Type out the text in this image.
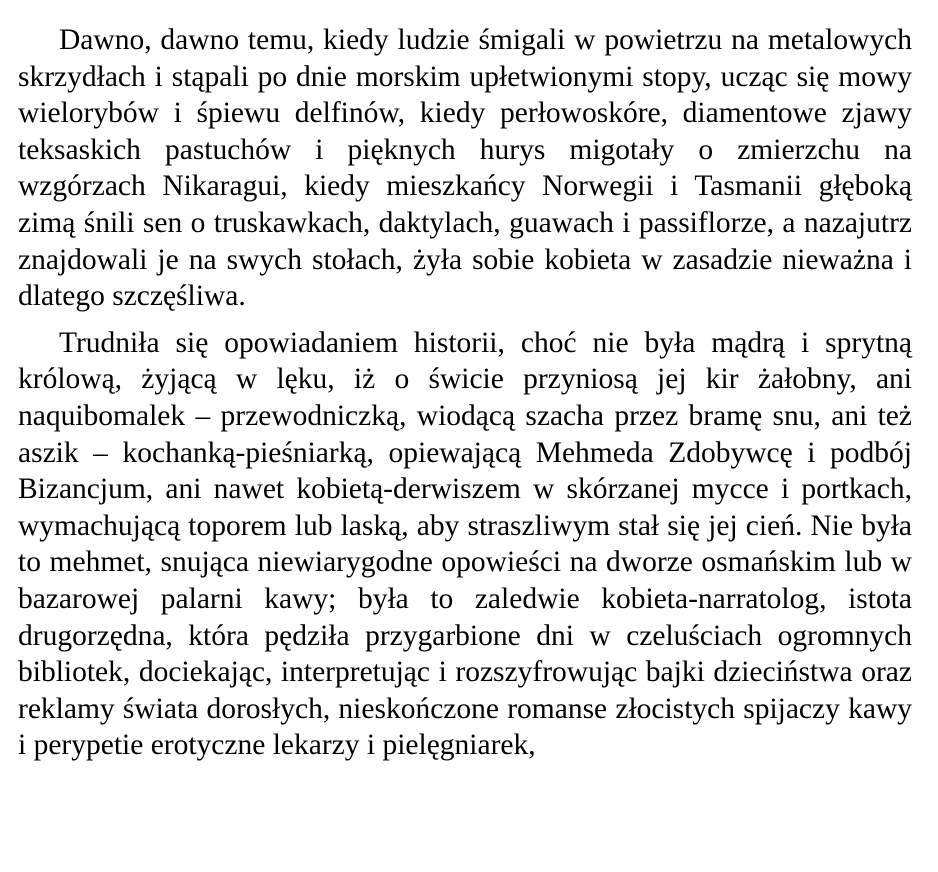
Dawno, dawno temu, kiedy ludzie śmigali w powietrzu na metalowych skrzydłach i stąpali po dnie morskim upłetwionymi stopy, ucząc się mowy wielorybów i śpiewu delfinów, kiedy perłowoskóre, diamentowe zjawy teksaskich pastuchów i pięknych hurys migotały o zmierzchu na wzgórzach Nikaragui, kiedy mieszkańcy Norwegii i Tasmanii głęboką zimą śnili sen o truskawkach, daktylach, guawach i passiflorze, a nazajutrz znajdowali je na swych stołach, żyła sobie kobieta w zasadzie nieważna i dlatego szczęśliwa.

Trudniła się opowiadaniem historii, choć nie była mądrą i sprytną królową, żyjącą w lęku, iż o świcie przyniosą jej kir żałobny, ani naquibomalek – przewodniczką, wiodącą szacha przez bramę snu, ani też aszik – kochanką-pieśniarką, opiewającą Mehmeda Zdobywcę i podbój Bizancjum, ani nawet kobietą-derwiszem w skórzanej mycce i portkach, wymachującą toporem lub laską, aby straszliwym stał się jej cień. Nie była to mehmet, snująca niewiarygodne opowieści na dworze osmańskim lub w bazarowej palarni kawy; była to zaledwie kobieta-narratolog, istota drugorzędna, która pędziła przygarbione dni w czeluściach ogromnych bibliotek, dociekając, interpretując i rozszyfrowując bajki dzieciństwa oraz reklamy świata dorosłych, nieskończone romanse złocistych spijaczy kawy i perypetie erotyczne lekarzy i pielęgniarek,
